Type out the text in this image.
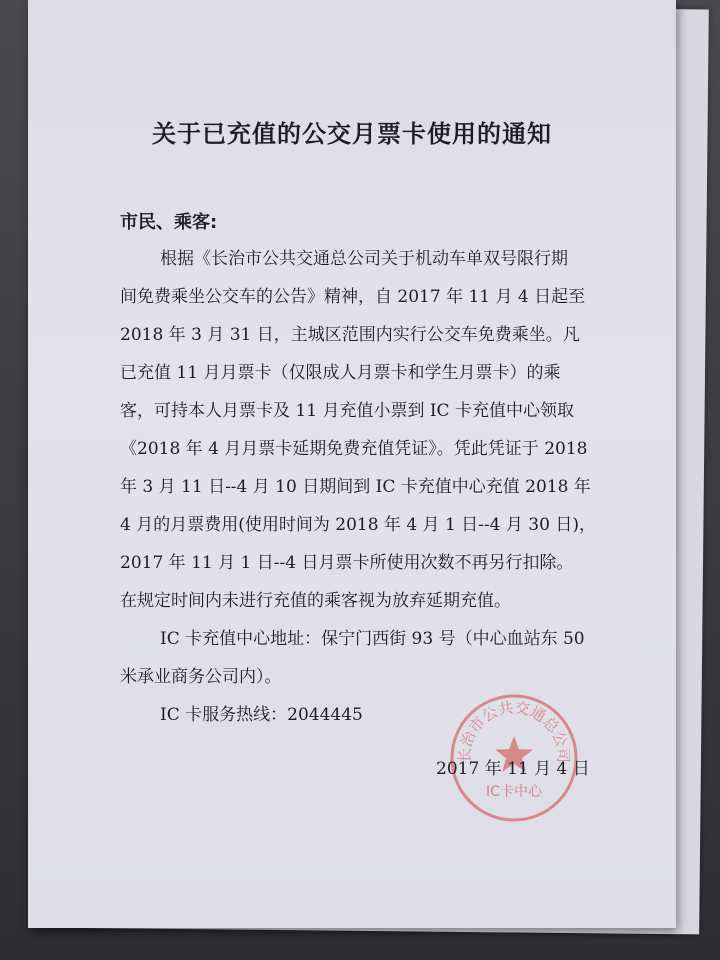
关于已充值的公交月票卡使用的通知
市民、乘客:
根据《长治市公共交通总公司关于机动车单双号限行期
间免费乘坐公交车的公告》精神，自 2017 年 11 月 4 日起至
2018 年 3 月 31 日，主城区范围内实行公交车免费乘坐。凡
已充值 11 月月票卡（仅限成人月票卡和学生月票卡）的乘
客，可持本人月票卡及 11 月充值小票到 IC 卡充值中心领取
《2018 年 4 月月票卡延期免费充值凭证》。凭此凭证于 2018
年 3 月 11 日--4 月 10 日期间到 IC 卡充值中心充值 2018 年
4 月的月票费用(使用时间为 2018 年 4 月 1 日--4 月 30 日)，
2017 年 11 月 1 日--4 日月票卡所使用次数不再另行扣除。
在规定时间内未进行充值的乘客视为放弃延期充值。
IC 卡充值中心地址：保宁门西街 93 号（中心血站东 50
米承业商务公司内）。
IC 卡服务热线：2044445
长治市公共交通总公司
IC卡中心
2017 年 11 月 4 日
